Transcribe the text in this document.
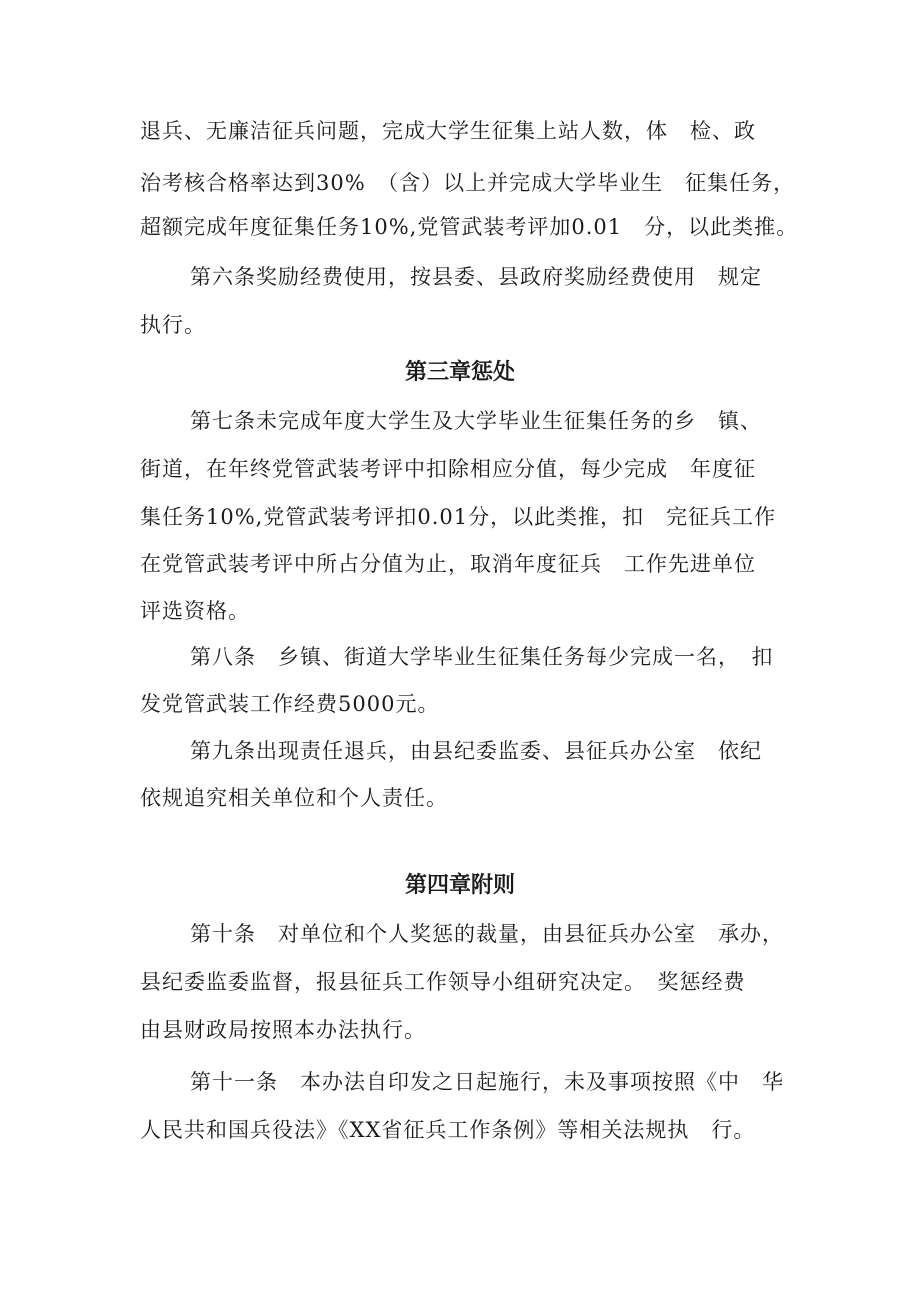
退兵、无廉洁征兵问题，完成大学生征集上站人数，体　检、政
治考核合格率达到30%　（含）以上并完成大学毕业生　征集任务，
超额完成年度征集任务10%,党管武装考评加0.01　分，以此类推。
第六条奖励经费使用，按县委、县政府奖励经费使用　规定
执行。
第三章惩处
第七条未完成年度大学生及大学毕业生征集任务的乡　镇、
街道，在年终党管武装考评中扣除相应分值，每少完成　年度征
集任务10%,党管武装考评扣0.01分，以此类推，扣　完征兵工作
在党管武装考评中所占分值为止，取消年度征兵　工作先进单位
评选资格。
第八条　乡镇、街道大学毕业生征集任务每少完成一名，　扣
发党管武装工作经费5000元。
第九条出现责任退兵，由县纪委监委、县征兵办公室　依纪
依规追究相关单位和个人责任。
第四章附则
第十条　对单位和个人奖惩的裁量，由县征兵办公室　承办，
县纪委监委监督，报县征兵工作领导小组研究决定。　奖惩经费
由县财政局按照本办法执行。
第十一条　本办法自印发之日起施行，未及事项按照《中　华
人民共和国兵役法》《XX省征兵工作条例》等相关法规执　行。
